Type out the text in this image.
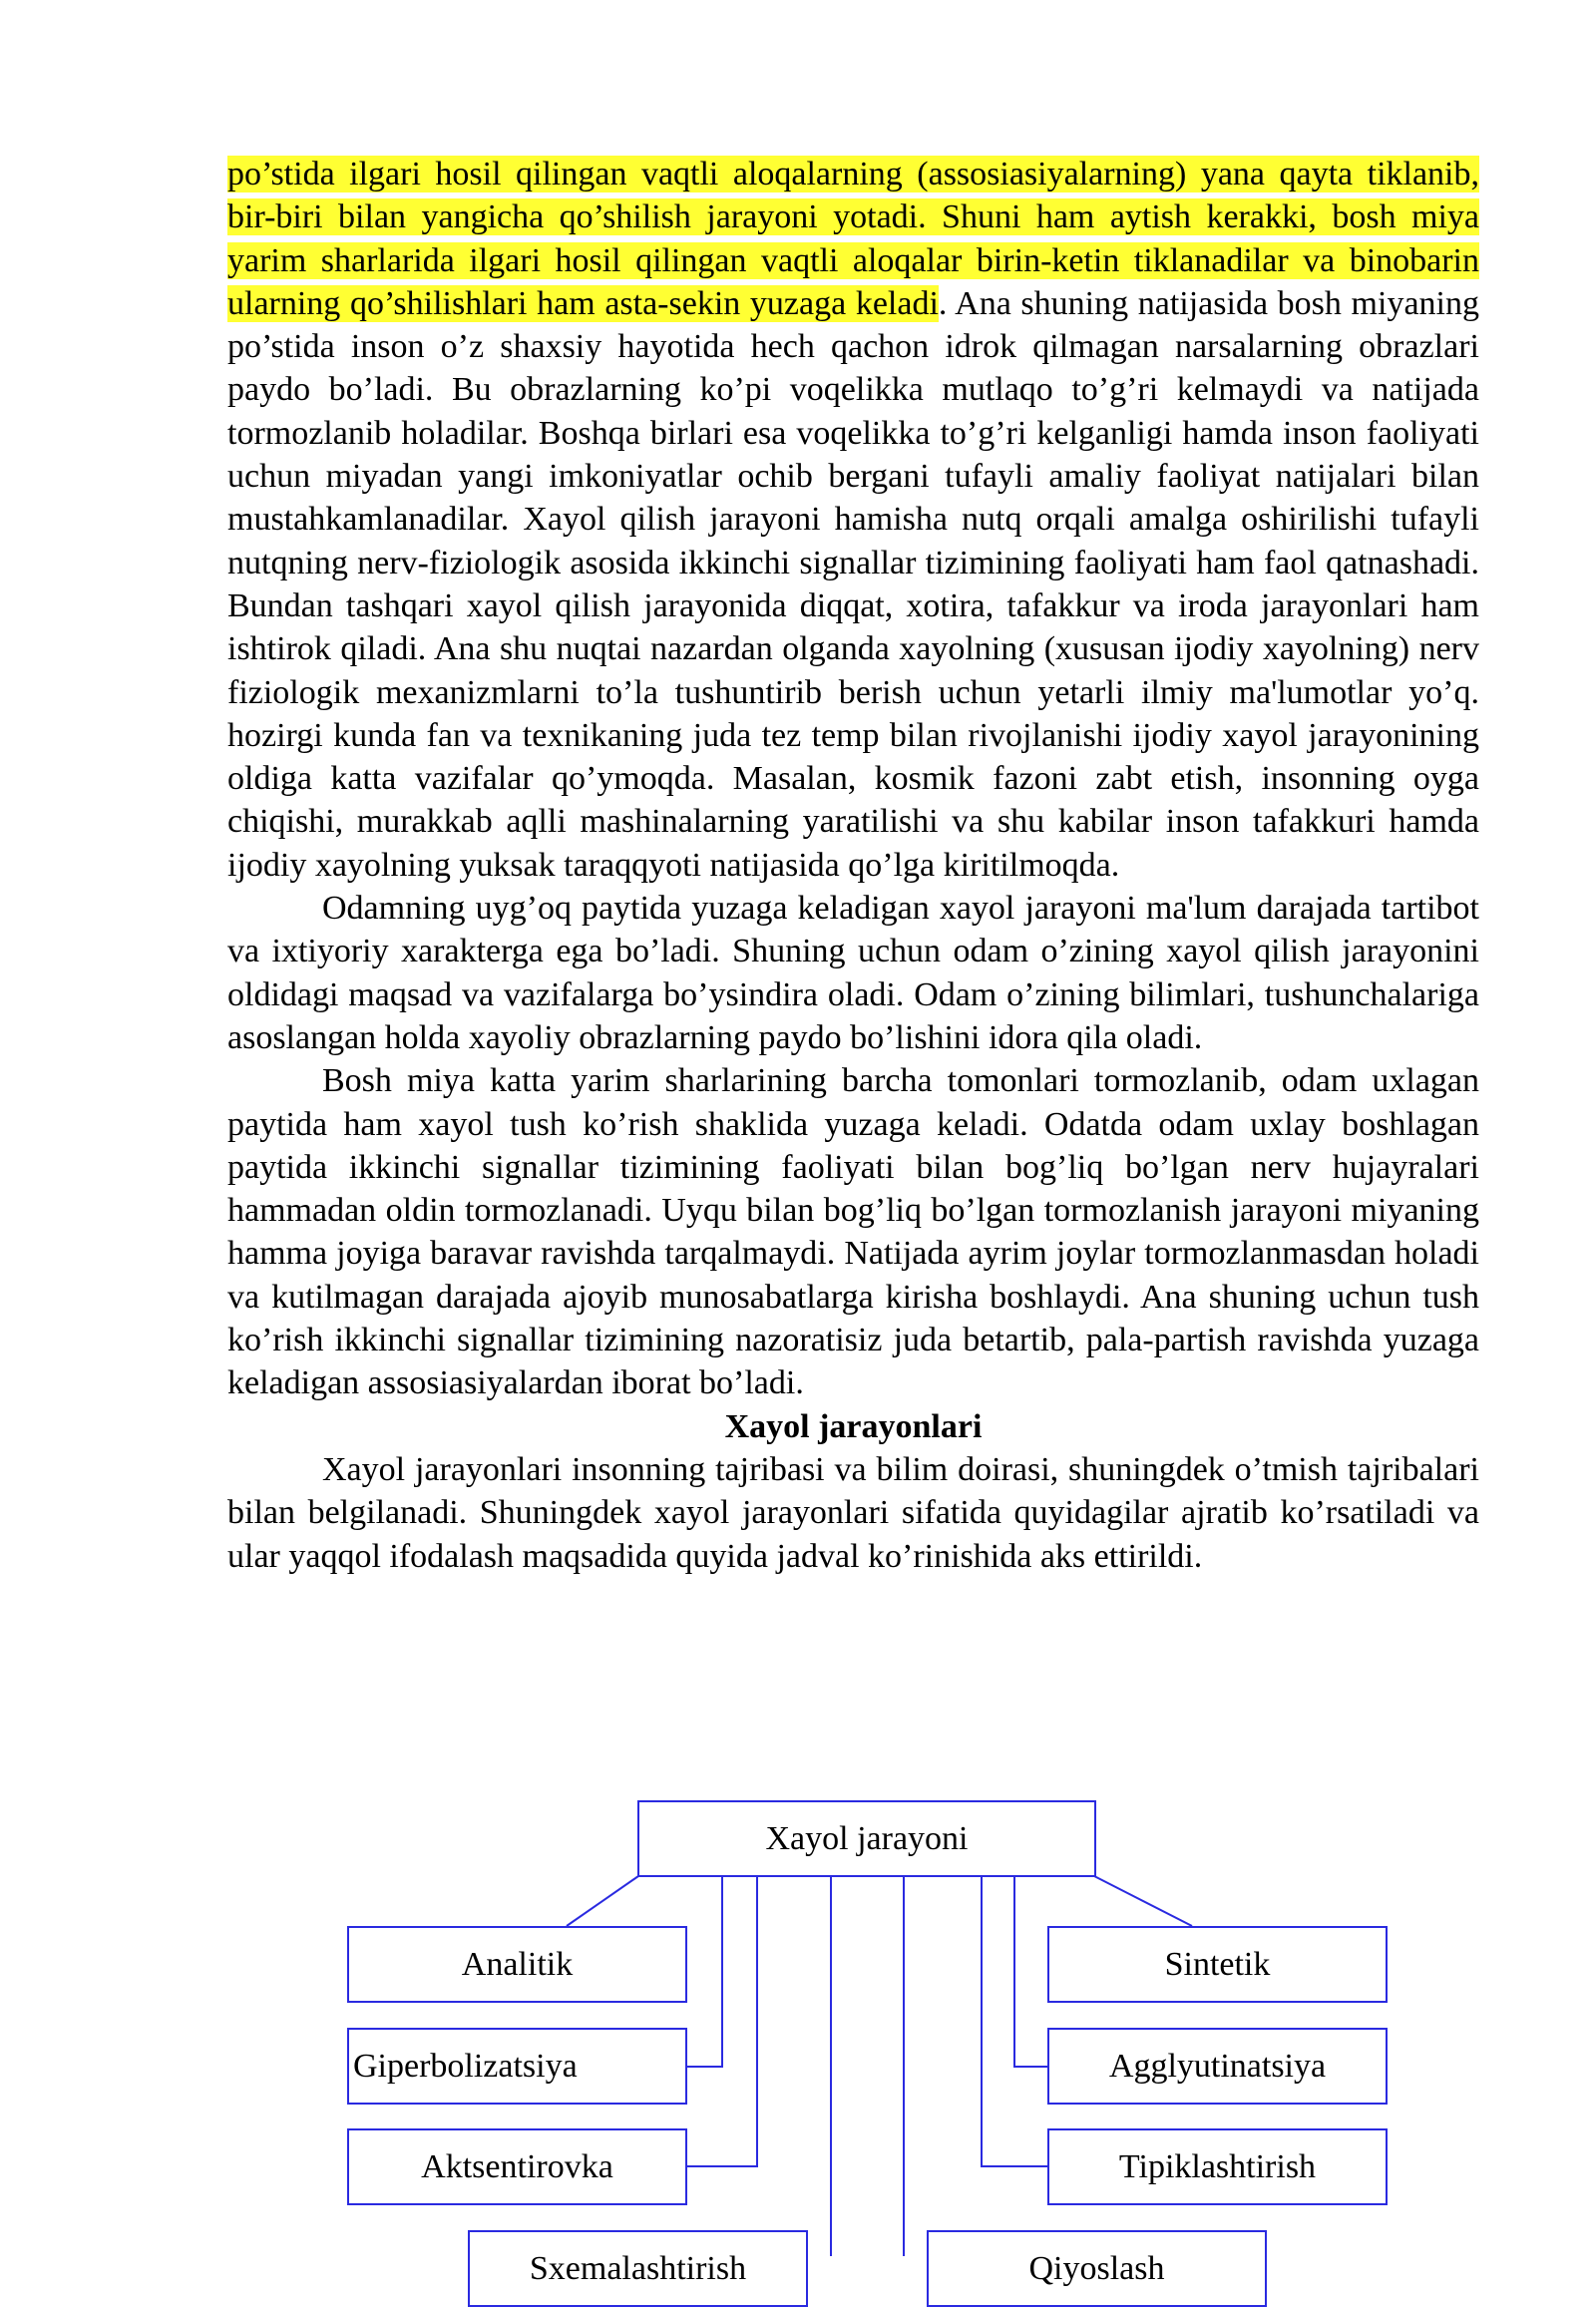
po’stida ilgari hosil qilingan vaqtli aloqalarning (assosiasiyalarning) yana qayta tiklanib, bir-biri bilan yangicha qo’shilish jarayoni yotadi. Shuni ham aytish kerakki, bosh miya yarim sharlarida ilgari hosil qilingan vaqtli aloqalar birin-ketin tiklanadilar va binobarin ularning qo’shilishlari ham asta-sekin yuzaga keladi. Ana shuning natijasida bosh miyaning po’stida inson o’z shaxsiy hayotida hech qachon idrok qilmagan narsalarning obrazlari paydo bo’ladi. Bu obrazlarning ko’pi voqelikka mutlaqo to’g’ri kelmaydi va natijada tormozlanib holadilar. Boshqa birlari esa voqelikka to’g’ri kelganligi hamda inson faoliyati uchun miyadan yangi imkoniyatlar ochib bergani tufayli amaliy faoliyat natijalari bilan mustahkamlanadilar. Xayol qilish jarayoni hamisha nutq orqali amalga oshirilishi tufayli nutqning nerv-fiziologik asosida ikkinchi signallar tizimining faoliyati ham faol qatnashadi. Bundan tashqari xayol qilish jarayonida diqqat, xotira, tafakkur va iroda jarayonlari ham ishtirok qiladi. Ana shu nuqtai nazardan olganda xayolning (xususan ijodiy xayolning) nerv fiziologik mexanizmlarni to’la tushuntirib berish uchun yetarli ilmiy ma'lumotlar yo’q. hozirgi kunda fan va texnikaning juda tez temp bilan rivojlanishi ijodiy xayol jarayonining oldiga katta vazifalar qo’ymoqda. Masalan, kosmik fazoni zabt etish, insonning oyga chiqishi, murakkab aqlli mashinalarning yaratilishi va shu kabilar inson tafakkuri hamda ijodiy xayolning yuksak taraqqyoti natijasida qo’lga kiritilmoqda.

Odamning uyg’oq paytida yuzaga keladigan xayol jarayoni ma'lum darajada tartibot va ixtiyoriy xarakterga ega bo’ladi. Shuning uchun odam o’zining xayol qilish jarayonini oldidagi maqsad va vazifalarga bo’ysindira oladi. Odam o’zining bilimlari, tushunchalariga asoslangan holda xayoliy obrazlarning paydo bo’lishini idora qila oladi.

Bosh miya katta yarim sharlarining barcha tomonlari tormozlanib, odam uxlagan paytida ham xayol tush ko’rish shaklida yuzaga keladi. Odatda odam uxlay boshlagan paytida ikkinchi signallar tizimining faoliyati bilan bog’liq bo’lgan nerv hujayralari hammadan oldin tormozlanadi. Uyqu bilan bog’liq bo’lgan tormozlanish jarayoni miyaning hamma joyiga baravar ravishda tarqalmaydi. Natijada ayrim joylar tormozlanmasdan holadi va kutilmagan darajada ajoyib munosabatlarga kirisha boshlaydi. Ana shuning uchun tush ko’rish ikkinchi signallar tizimining nazoratisiz juda betartib, pala-partish ravishda yuzaga keladigan assosiasiyalardan iborat bo’ladi.

Xayol jarayonlari

Xayol jarayonlari insonning tajribasi va bilim doirasi, shuningdek o’tmish tajribalari bilan belgilanadi. Shuningdek xayol jarayonlari sifatida quyidagilar ajratib ko’rsatiladi va ular yaqqol ifodalash maqsadida quyida jadval ko’rinishida aks ettirildi.

Xayol jarayoni
Analitik
Giperbolizatsiya
Aktsentirovka
Sxemalashtirish
Sintetik
Agglyutinatsiya
Tipiklashtirish
Qiyoslash
